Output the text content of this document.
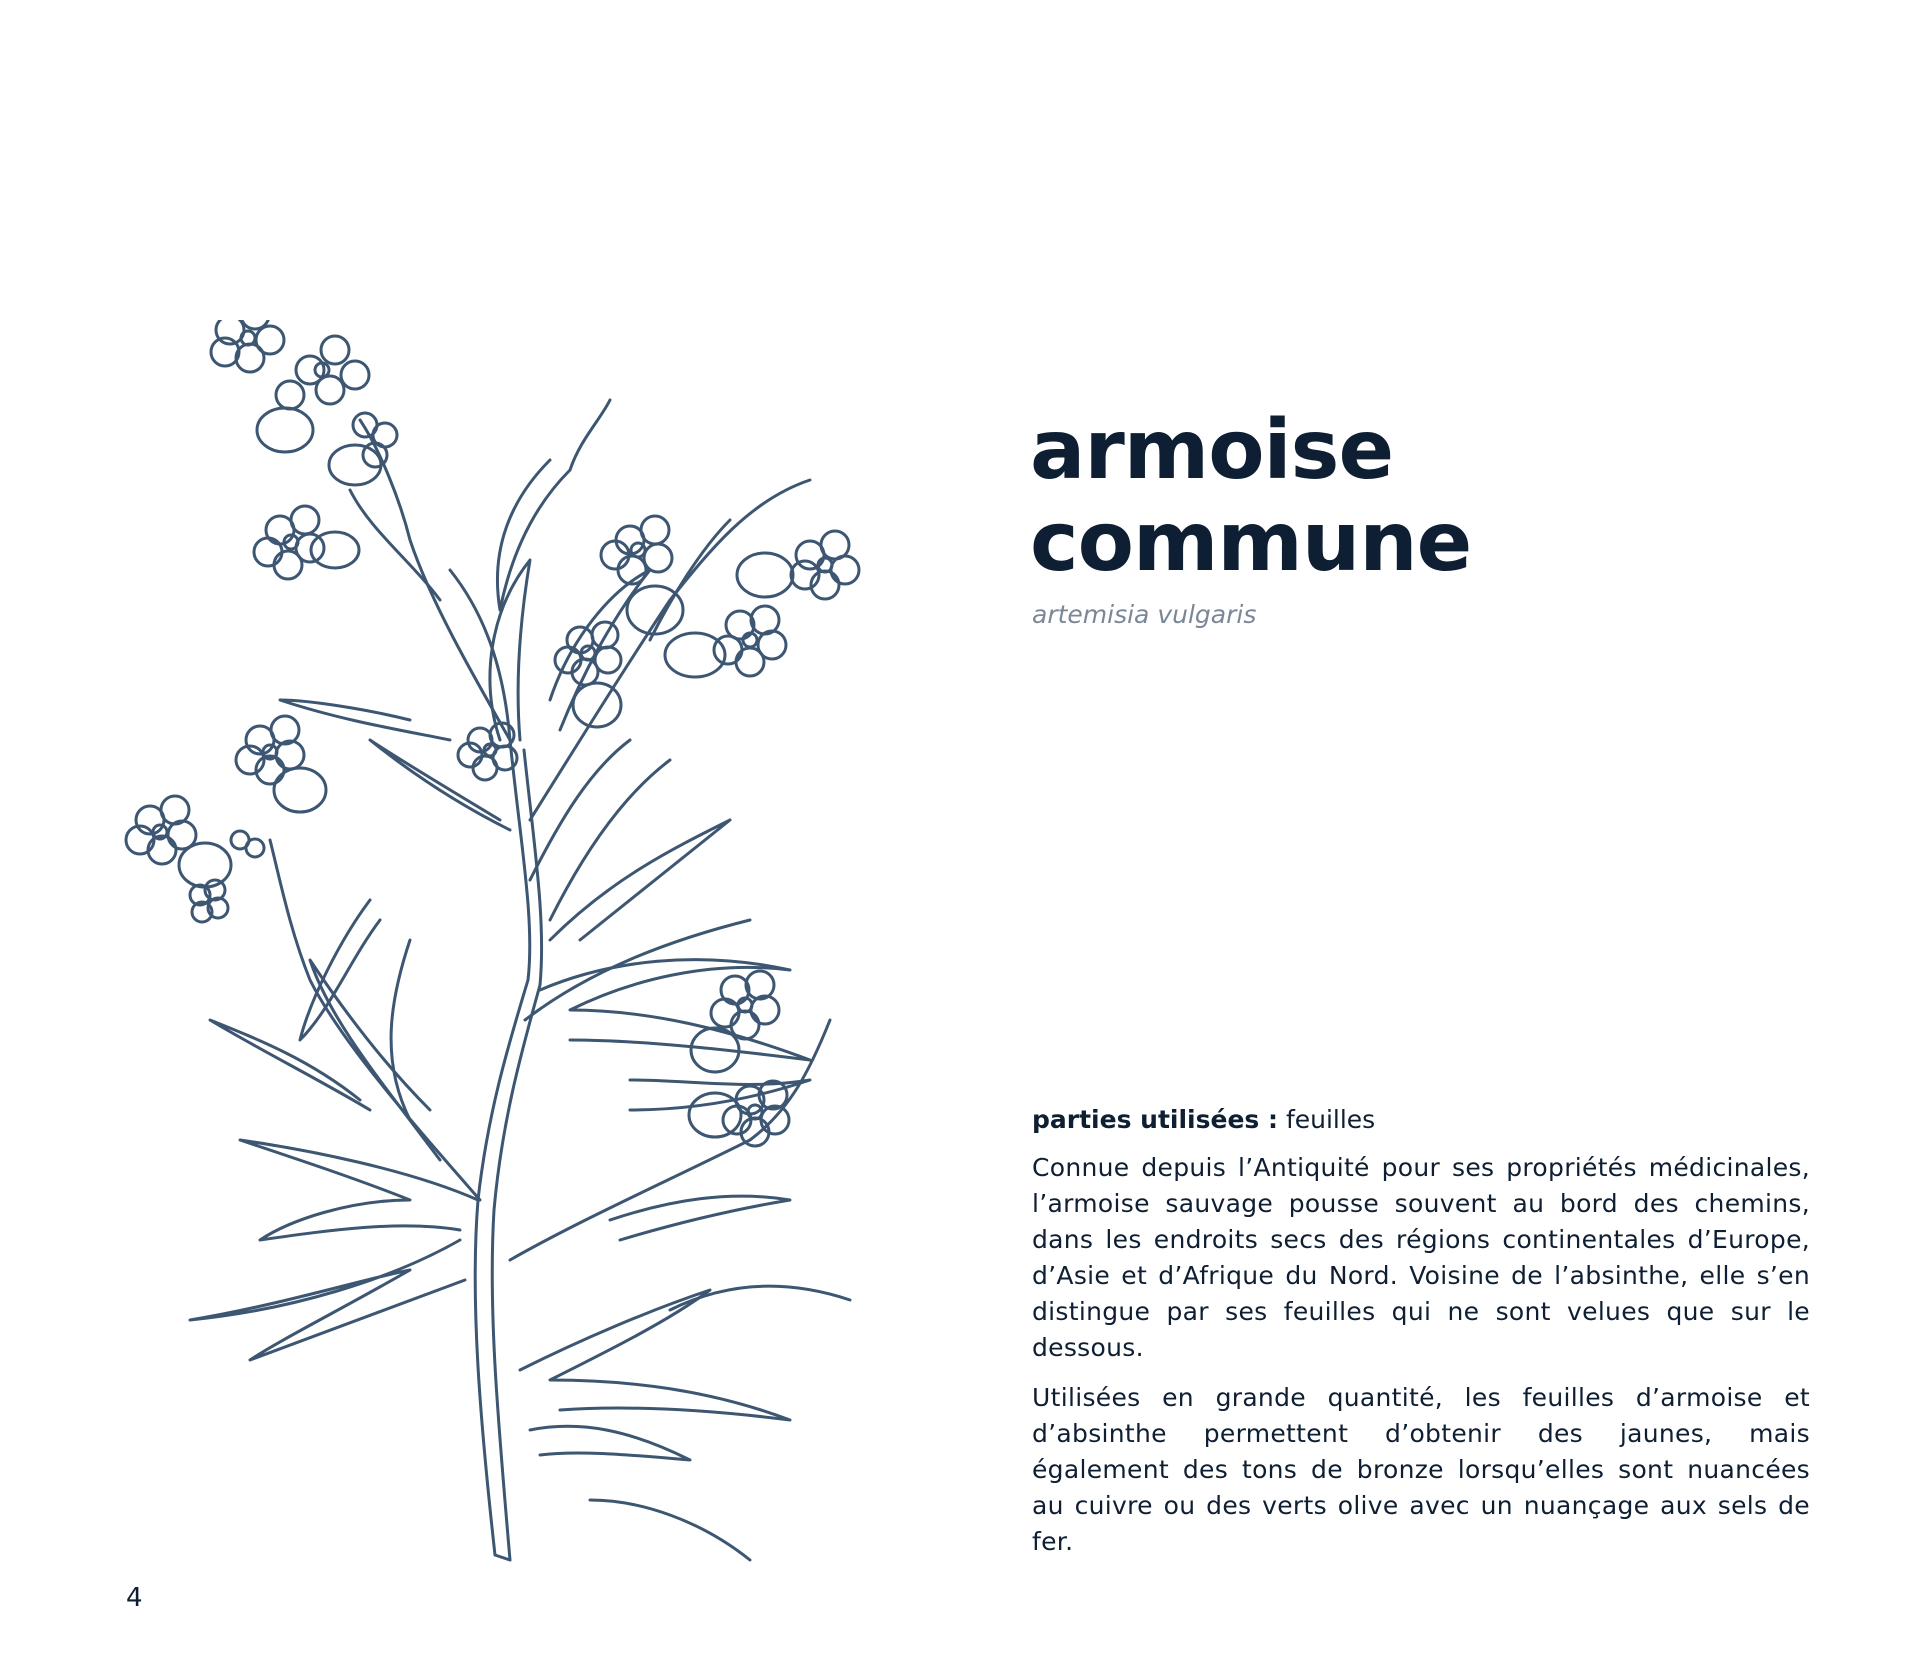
armoise
commune
artemisia vulgaris

parties utilisées : feuilles

Connue depuis l’Antiquité pour ses propriétés médicinales, l’armoise sauvage pousse souvent au bord des chemins, dans les endroits secs des régions continentales d’Europe, d’Asie et d’Afrique du Nord. Voisine de l’absinthe, elle s’en distingue par ses feuilles qui ne sont velues que sur le dessous.

Utilisées en grande quantité, les feuilles d’armoise et d’absinthe permettent d’obtenir des jaunes, mais également des tons de bronze lorsqu’elles sont nuancées au cuivre ou des verts olive avec un nuançage aux sels de fer.

4
